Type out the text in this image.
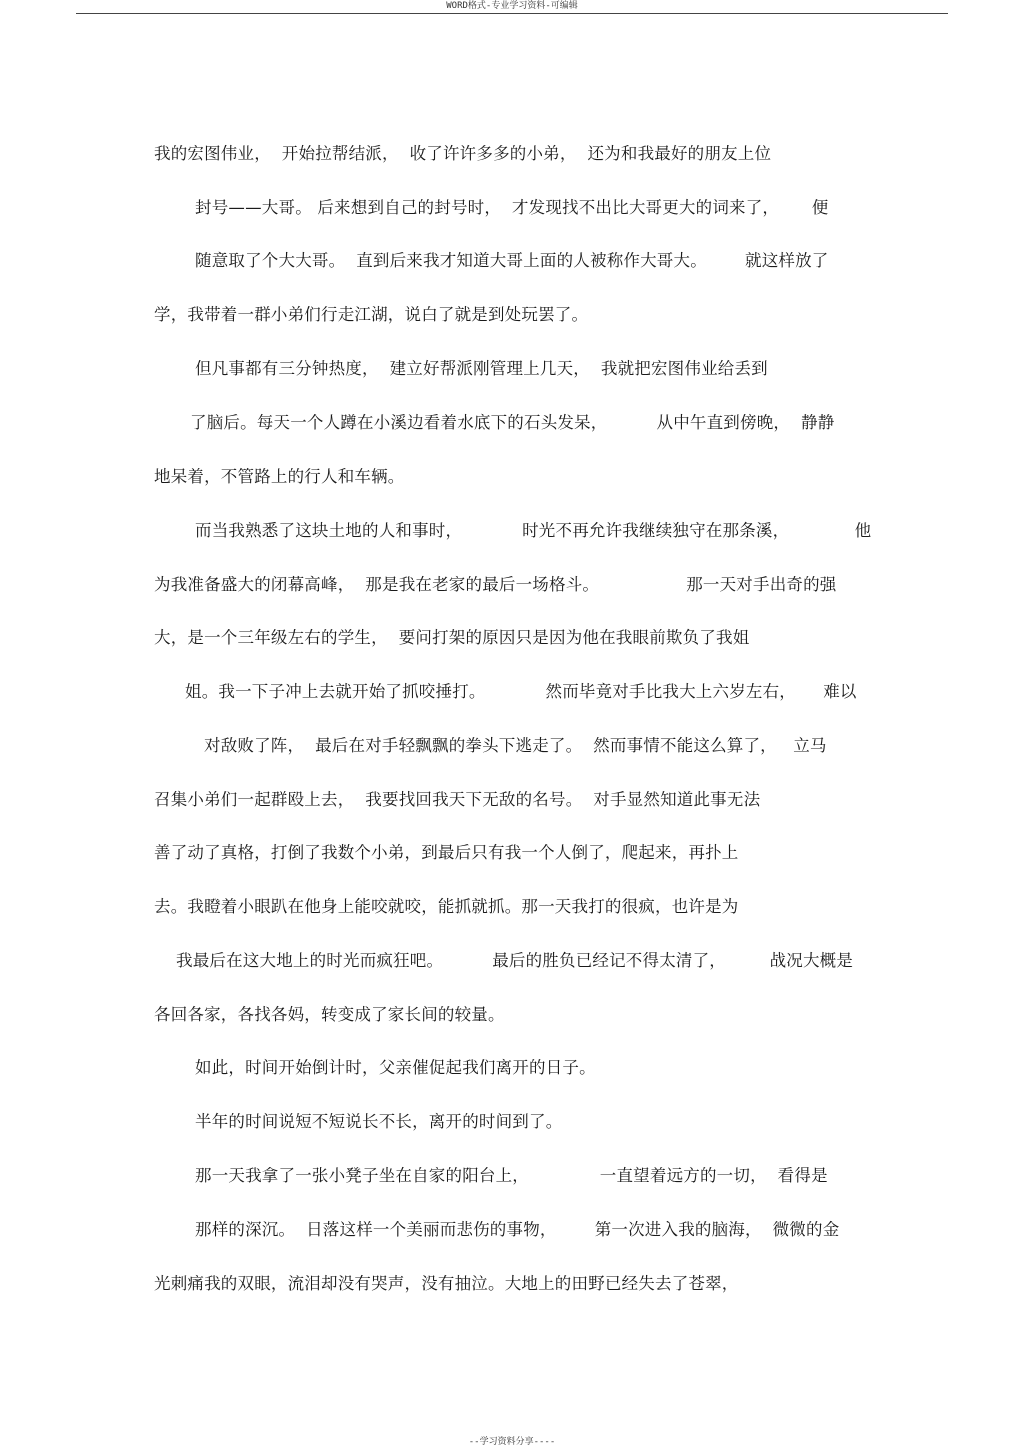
WORD格式-专业学习资料-可编辑
我的宏图伟业，  开始拉帮结派，  收了许许多多的小弟，  还为和我最好的朋友上位
封号——大哥。 后来想到自己的封号时，  才发现找不出比大哥更大的词来了，      便
随意取了个大大哥。  直到后来我才知道大哥上面的人被称作大哥大。       就这样放了
学，我带着一群小弟们行走江湖，说白了就是到处玩罢了。
但凡事都有三分钟热度，  建立好帮派刚管理上几天，  我就把宏图伟业给丢到
了脑后。每天一个人蹲在小溪边看着水底下的石头发呆，         从中午直到傍晚，  静静
地呆着，不管路上的行人和车辆。
而当我熟悉了这块土地的人和事时，           时光不再允许我继续独守在那条溪，            他
为我准备盛大的闭幕高峰，  那是我在老家的最后一场格斗。                那一天对手出奇的强
大，是一个三年级左右的学生，  要问打架的原因只是因为他在我眼前欺负了我姐
姐。我一下子冲上去就开始了抓咬捶打。           然而毕竟对手比我大上六岁左右，     难以
对敌败了阵，  最后在对手轻飘飘的拳头下逃走了。  然而事情不能这么算了，   立马
召集小弟们一起群殴上去，  我要找回我天下无敌的名号。  对手显然知道此事无法
善了动了真格，打倒了我数个小弟，到最后只有我一个人倒了，爬起来，再扑上
去。我瞪着小眼趴在他身上能咬就咬，能抓就抓。那一天我打的很疯，也许是为
我最后在这大地上的时光而疯狂吧。         最后的胜负已经记不得太清了，        战况大概是
各回各家，各找各妈，转变成了家长间的较量。
如此，时间开始倒计时，父亲催促起我们离开的日子。
半年的时间说短不短说长不长，离开的时间到了。
那一天我拿了一张小凳子坐在自家的阳台上，             一直望着远方的一切，  看得是
那样的深沉。  日落这样一个美丽而悲伤的事物，       第一次进入我的脑海，  微微的金
光刺痛我的双眼，流泪却没有哭声，没有抽泣。大地上的田野已经失去了苍翠，
--学习资料分享----
